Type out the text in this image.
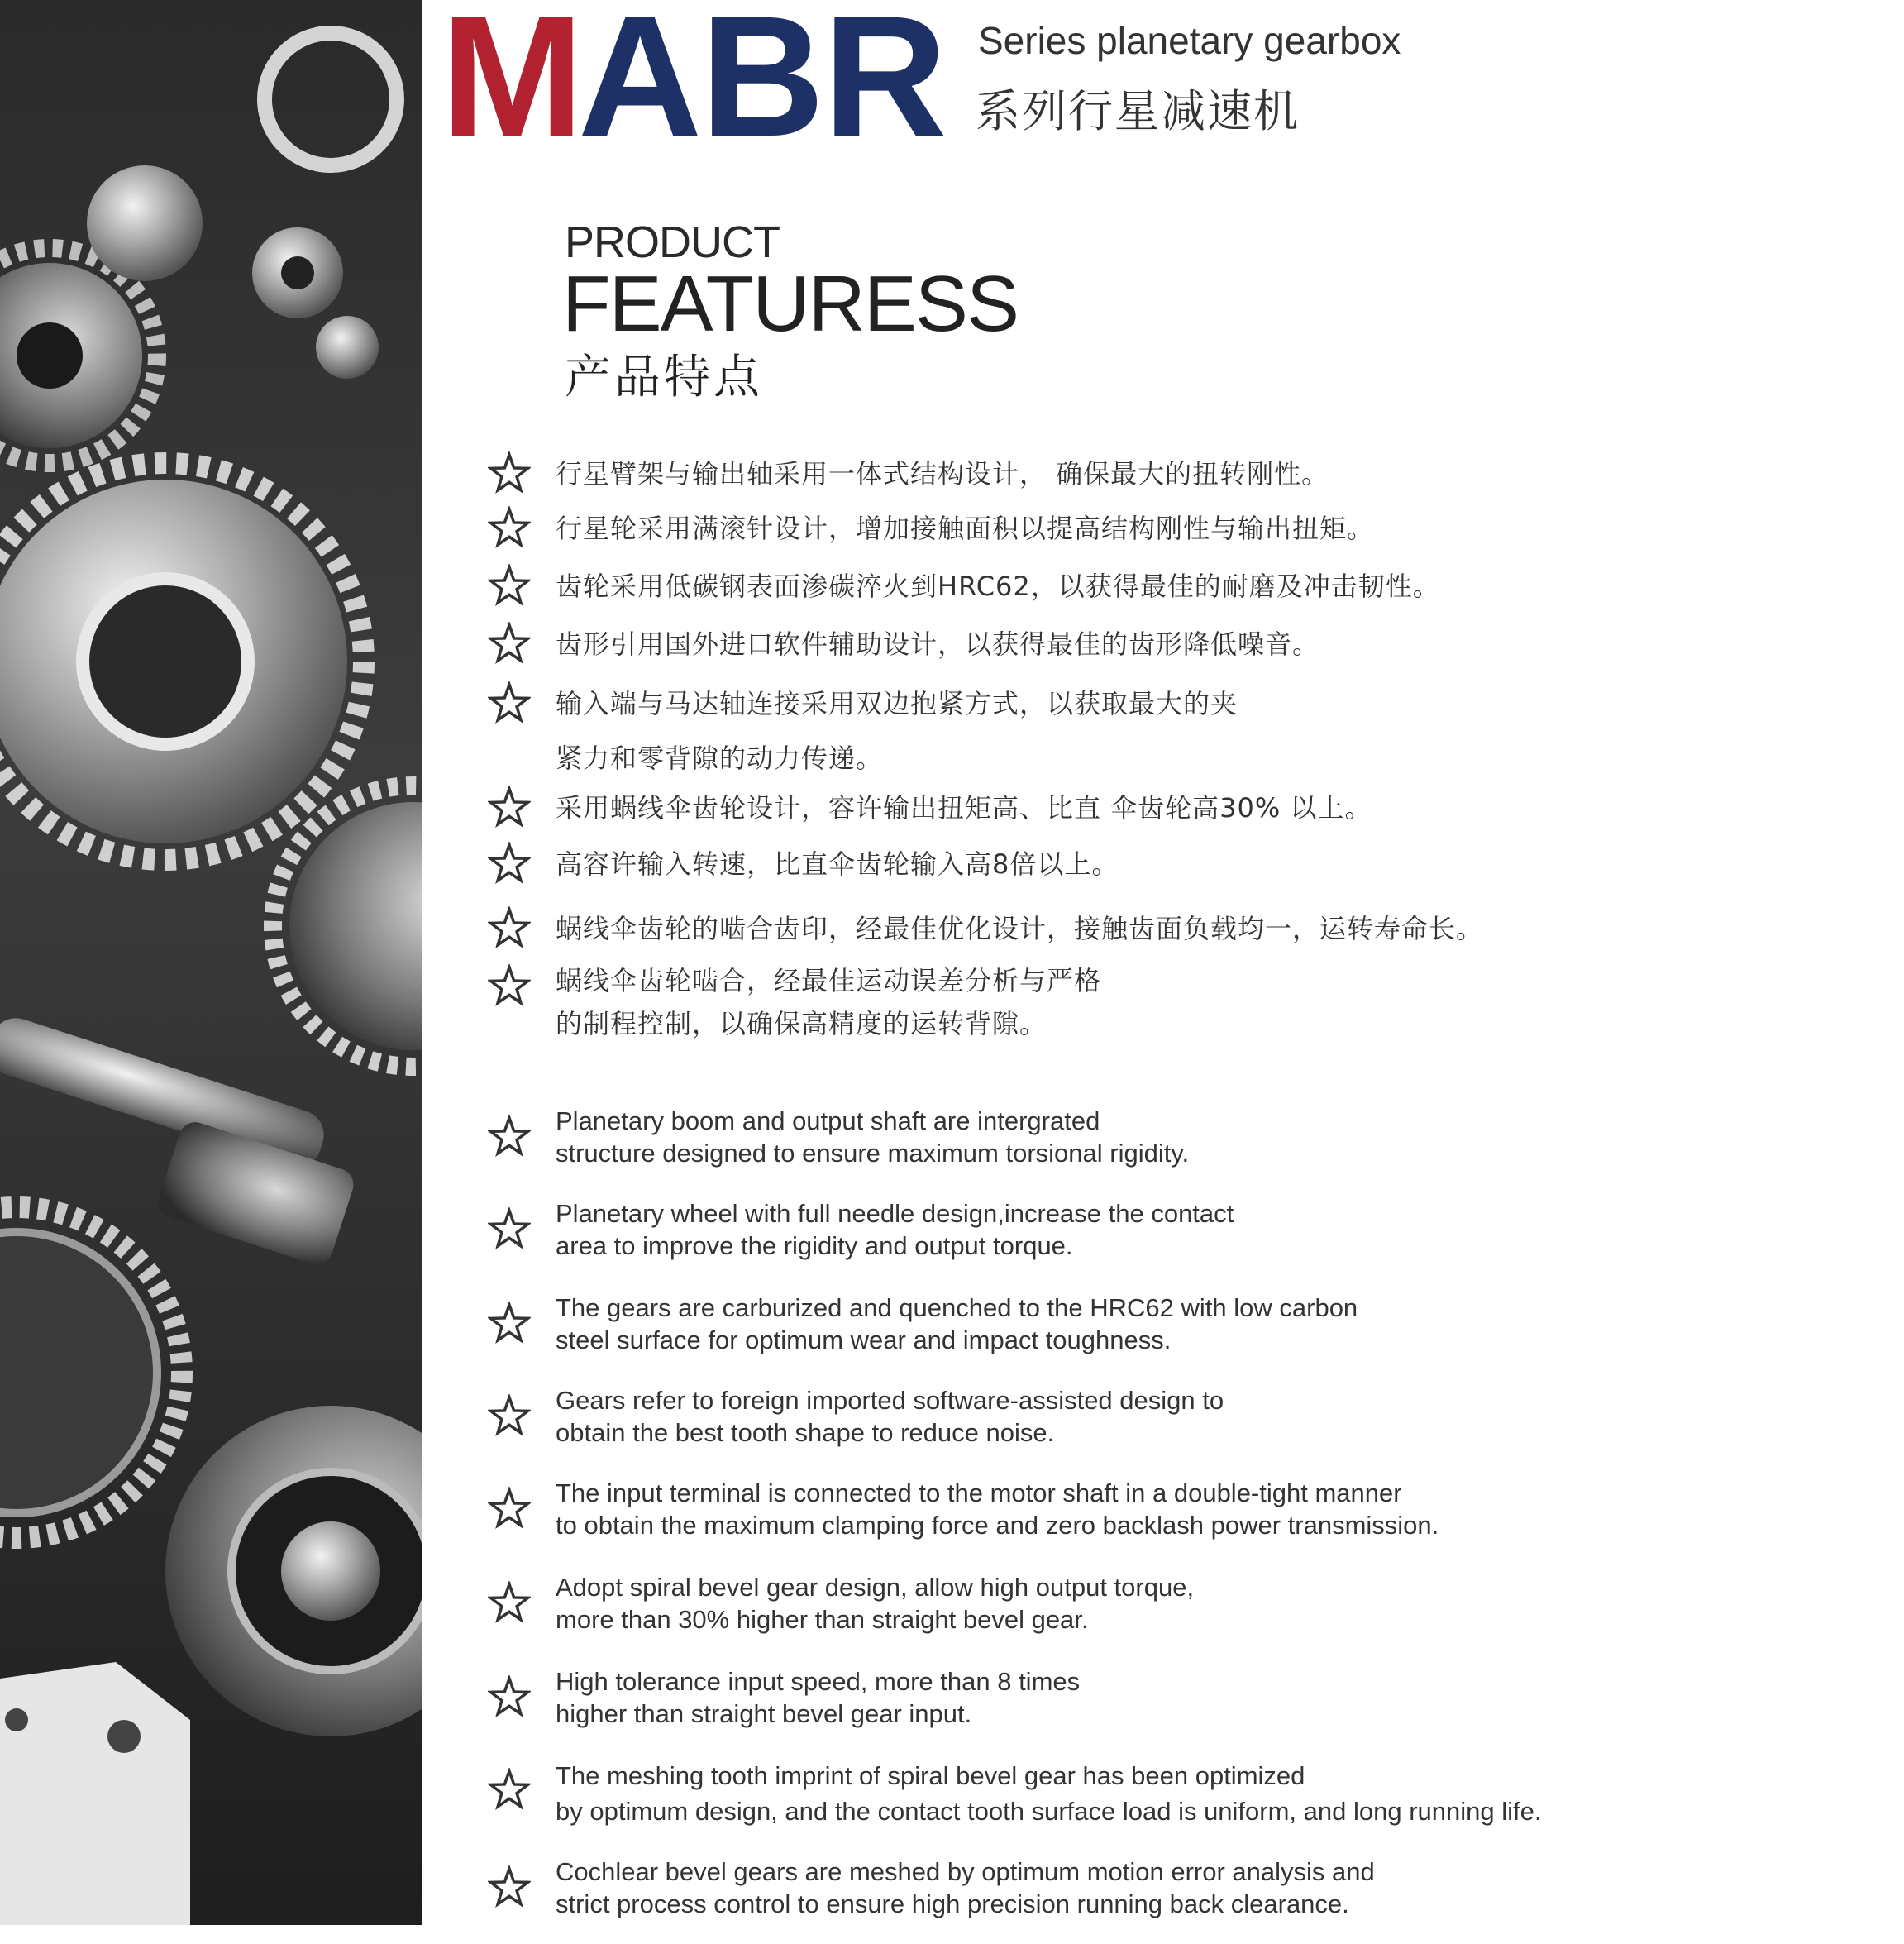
M
ABR Series planetary gearbox
系列行星减速机
PRODUCT
FEATURESS
产品特点
行星臂架与输出轴采用一体式结构设计， 确保最大的扭转刚性。
行星轮采用满滚针设计，增加接触面积以提高结构刚性与输出扭矩。
齿轮采用低碳钢表面渗碳淬火到HRC62，以获得最佳的耐磨及冲击韧性。
齿形引用国外进口软件辅助设计，以获得最佳的齿形降低噪音。
输入端与马达轴连接采用双边抱紧方式，以获取最大的夹
紧力和零背隙的动力传递。
采用蜗线伞齿轮设计，容许输出扭矩高、比直 伞齿轮高30% 以上。
高容许输入转速，比直伞齿轮输入高8倍以上。
蜗线伞齿轮的啮合齿印，经最佳优化设计，接触齿面负载均一，运转寿命长。
蜗线伞齿轮啮合，经最佳运动误差分析与严格
的制程控制，以确保高精度的运转背隙。
Planetary boom and output shaft are intergrated
structure designed to ensure maximum torsional rigidity.
Planetary wheel with full needle design,increase the contact
area to improve the rigidity and output torque.
The gears are carburized and quenched to the HRC62 with low carbon
steel surface for optimum wear and impact toughness.
Gears refer to foreign imported software-assisted design to
obtain the best tooth shape to reduce noise.
The input terminal is connected to the motor shaft in a double-tight manner
to obtain the maximum clamping force and zero backlash power transmission.
Adopt spiral bevel gear design, allow high output torque,
more than 30% higher than straight bevel gear.
High tolerance input speed, more than 8 times
higher than straight bevel gear input.
The meshing tooth imprint of spiral bevel gear has been optimized
by optimum design, and the contact tooth surface load is uniform, and long running life.
Cochlear bevel gears are meshed by optimum motion error analysis and
strict process control to ensure high precision running back clearance.
